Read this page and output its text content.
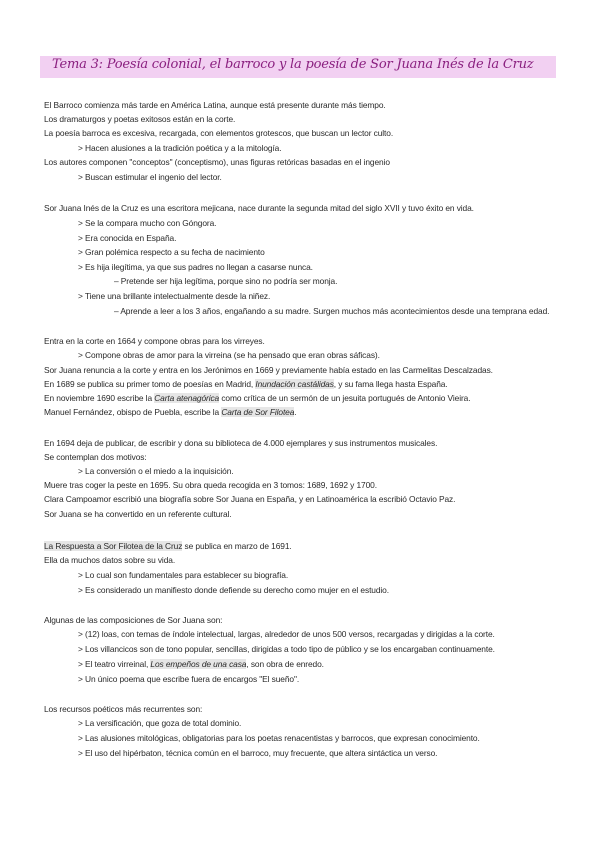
Tema 3: Poesía colonial, el barroco y la poesía de Sor Juana Inés de la Cruz
El Barroco comienza más tarde en América Latina, aunque está presente durante más tiempo.
Los dramaturgos y poetas exitosos están en la corte.
La poesía barroca es excesiva, recargada, con elementos grotescos, que buscan un lector culto.
> Hacen alusiones a la tradición poética y a la mitología.
Los autores componen "conceptos" (conceptismo), unas figuras retóricas basadas en el ingenio
> Buscan estimular el ingenio del lector.
Sor Juana Inés de la Cruz es una escritora mejicana, nace durante la segunda mitad del siglo XVII y tuvo éxito en vida.
> Se la compara mucho con Góngora.
> Era conocida en España.
> Gran polémica respecto a su fecha de nacimiento
> Es hija ilegítima, ya que sus padres no llegan a casarse nunca.
– Pretende ser hija legítima, porque sino no podría ser monja.
> Tiene una brillante intelectualmente desde la niñez.
– Aprende a leer a los 3 años, engañando a su madre. Surgen muchos más acontecimientos desde una temprana edad.
Entra en la corte en 1664 y compone obras para los virreyes.
> Compone obras de amor para la virreina (se ha pensado que eran obras sáficas).
Sor Juana renuncia a la corte y entra en los Jerónimos en 1669 y previamente había estado en las Carmelitas Descalzadas.
En 1689 se publica su primer tomo de poesías en Madrid, Inundación castálidas, y su fama llega hasta España.
En noviembre 1690 escribe la Carta atenagórica como crítica de un sermón de un jesuita portugués de Antonio Vieira.
Manuel Fernández, obispo de Puebla, escribe la Carta de Sor Filotea.
En 1694 deja de publicar, de escribir y dona su biblioteca de 4.000 ejemplares y sus instrumentos musicales.
Se contemplan dos motivos:
> La conversión o el miedo a la inquisición.
Muere tras coger la peste en 1695. Su obra queda recogida en 3 tomos: 1689, 1692 y 1700.
Clara Campoamor escribió una biografía sobre Sor Juana en España, y en Latinoamérica la escribió Octavio Paz.
Sor Juana se ha convertido en un referente cultural.
La Respuesta a Sor Filotea de la Cruz se publica en marzo de 1691.
Ella da muchos datos sobre su vida.
> Lo cual son fundamentales para establecer su biografía.
> Es considerado un manifiesto donde defiende su derecho como mujer en el estudio.
Algunas de las composiciones de Sor Juana son:
> (12) loas, con temas de índole intelectual, largas, alrededor de unos 500 versos, recargadas y dirigidas a la corte.
> Los villancicos son de tono popular, sencillas, dirigidas a todo tipo de público y se los encargaban continuamente.
> El teatro virreinal, Los empeños de una casa, son obra de enredo.
> Un único poema que escribe fuera de encargos "El sueño".
Los recursos poéticos más recurrentes son:
> La versificación, que goza de total dominio.
> Las alusiones mitológicas, obligatorias para los poetas renacentistas y barrocos, que expresan conocimiento.
> El uso del hipérbaton, técnica común en el barroco, muy frecuente, que altera sintáctica un verso.
